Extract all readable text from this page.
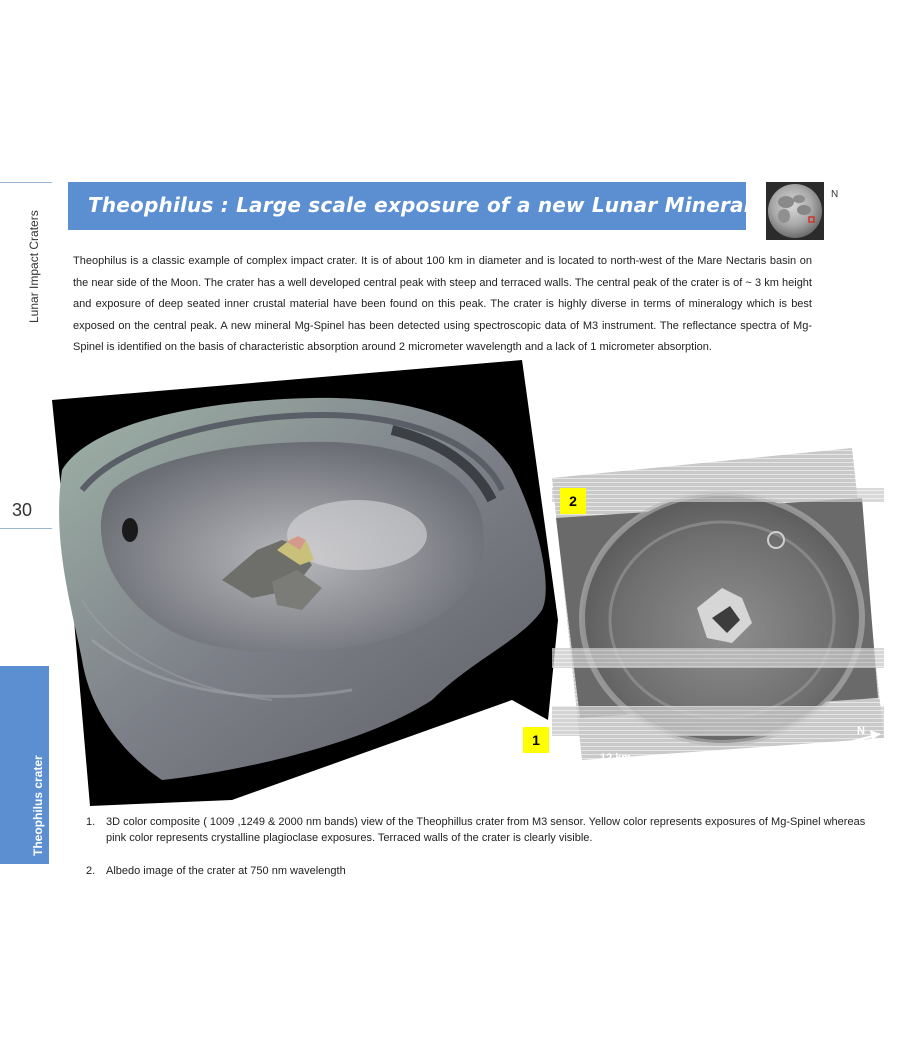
Lunar Impact Craters
30
Theophilus crater
Theophilus : Large scale exposure of a new Lunar Mineral	N
Theophilus is a classic example of complex impact crater. It is of about 100 km in diameter and is located to north-west of the Mare Nectaris basin on the near side of the Moon. The crater has a well developed central peak with steep and terraced walls. The central peak of the crater is of ~ 3 km height and exposure of deep seated inner crustal material have been found on this peak. The crater is highly diverse in terms of mineralogy which is best exposed on the central peak. A new mineral Mg-Spinel has been detected using spectroscopic data of M3 instrument. The reflectance spectra of Mg-Spinel is identified on the basis of characteristic absorption around 2 micrometer wavelength and a lack of 1 micrometer absorption.
1
2
12 km
N
1. 3D color composite ( 1009 ,1249 & 2000 nm bands) view of the Theophillus crater from M3 sensor. Yellow color represents exposures of Mg-Spinel whereas pink color represents crystalline plagioclase exposures. Terraced walls of the crater is clearly visible.
2. Albedo image of the crater at 750 nm wavelength
